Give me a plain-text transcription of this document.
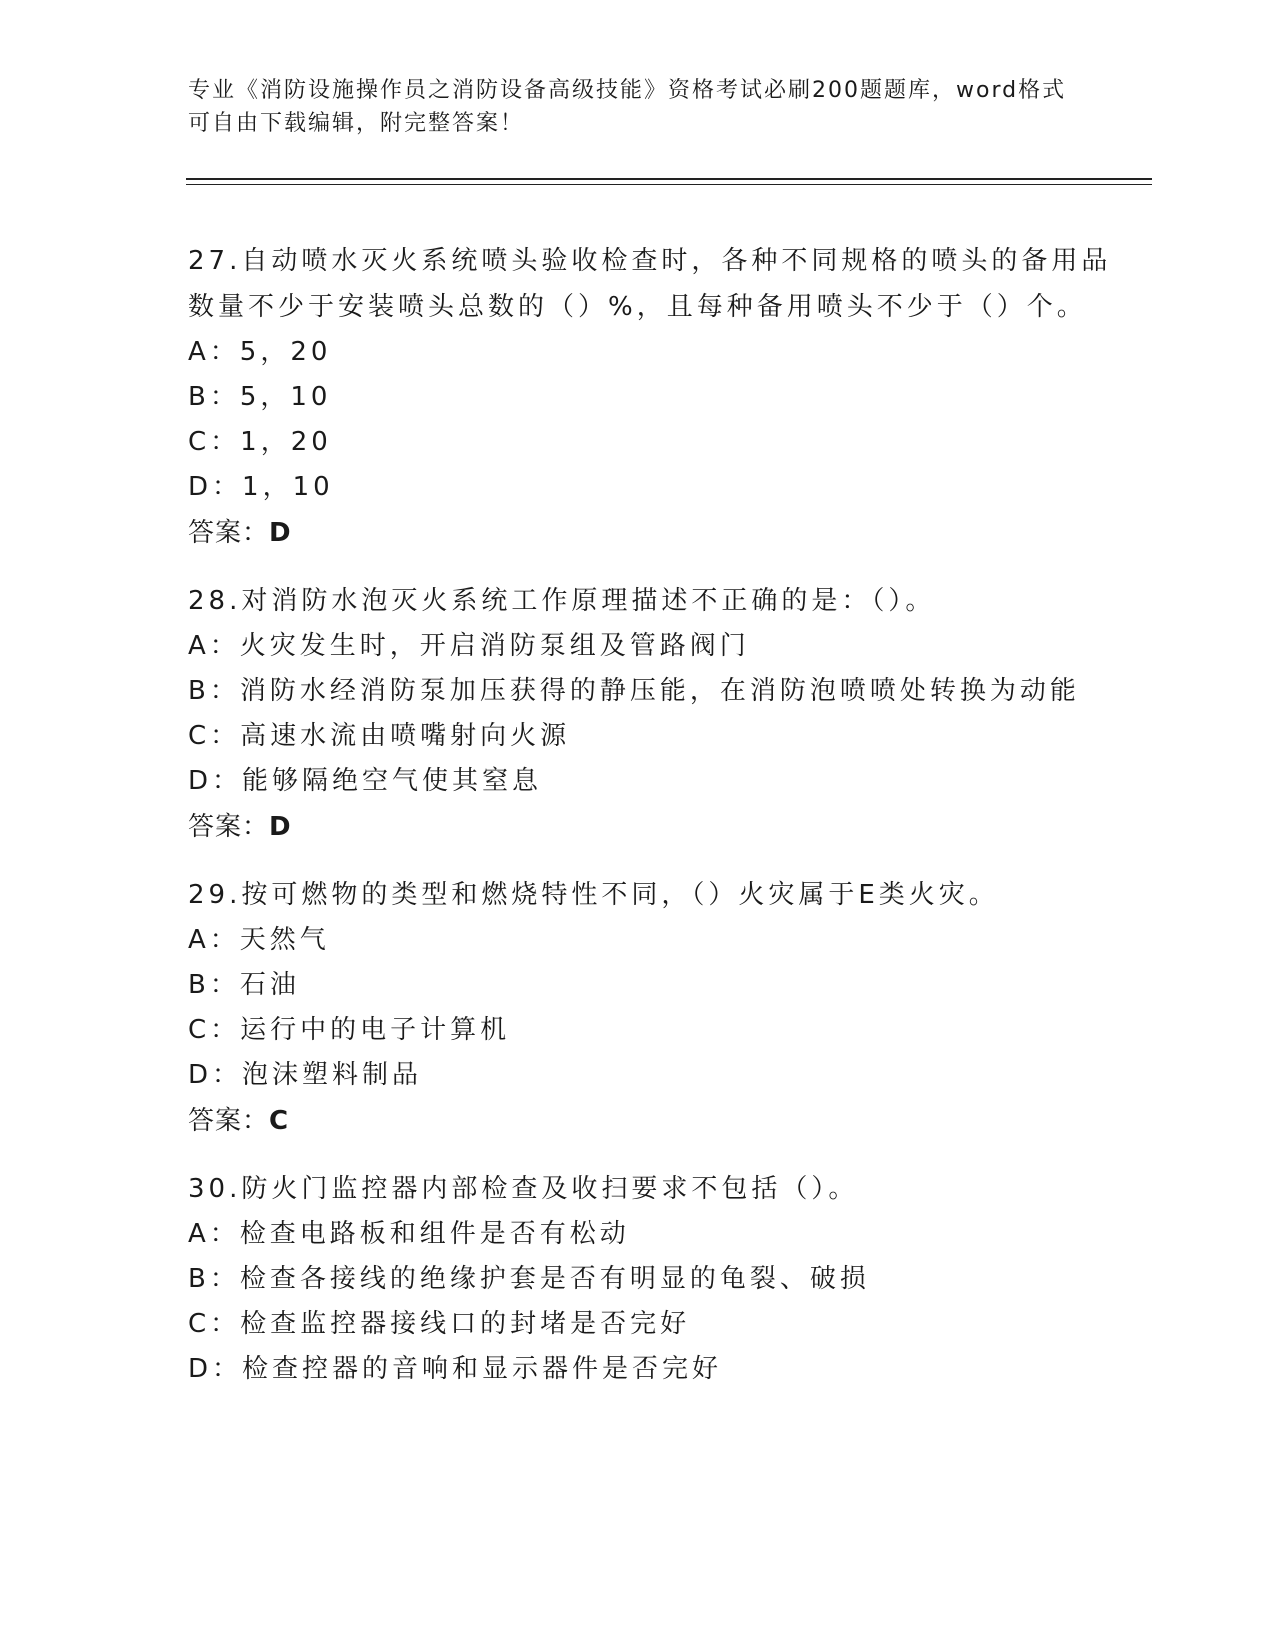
专业《消防设施操作员之消防设备高级技能》资格考试必刷200题题库，word格式可自由下载编辑，附完整答案！

27.自动喷水灭火系统喷头验收检查时，各种不同规格的喷头的备用品数量不少于安装喷头总数的（）%，且每种备用喷头不少于（）个。

A：5，20

B：5，10

C：1，20

D：1，10

答案：D

28.对消防水泡灭火系统工作原理描述不正确的是：（）。

A：火灾发生时，开启消防泵组及管路阀门

B：消防水经消防泵加压获得的静压能，在消防泡喷喷处转换为动能

C：高速水流由喷嘴射向火源

D：能够隔绝空气使其窒息

答案：D

29.按可燃物的类型和燃烧特性不同，（）火灾属于E类火灾。

A：天然气

B：石油

C：运行中的电子计算机

D：泡沫塑料制品

答案：C

30.防火门监控器内部检查及收扫要求不包括（）。

A：检查电路板和组件是否有松动

B：检查各接线的绝缘护套是否有明显的龟裂、破损

C：检查监控器接线口的封堵是否完好

D：检查控器的音响和显示器件是否完好
